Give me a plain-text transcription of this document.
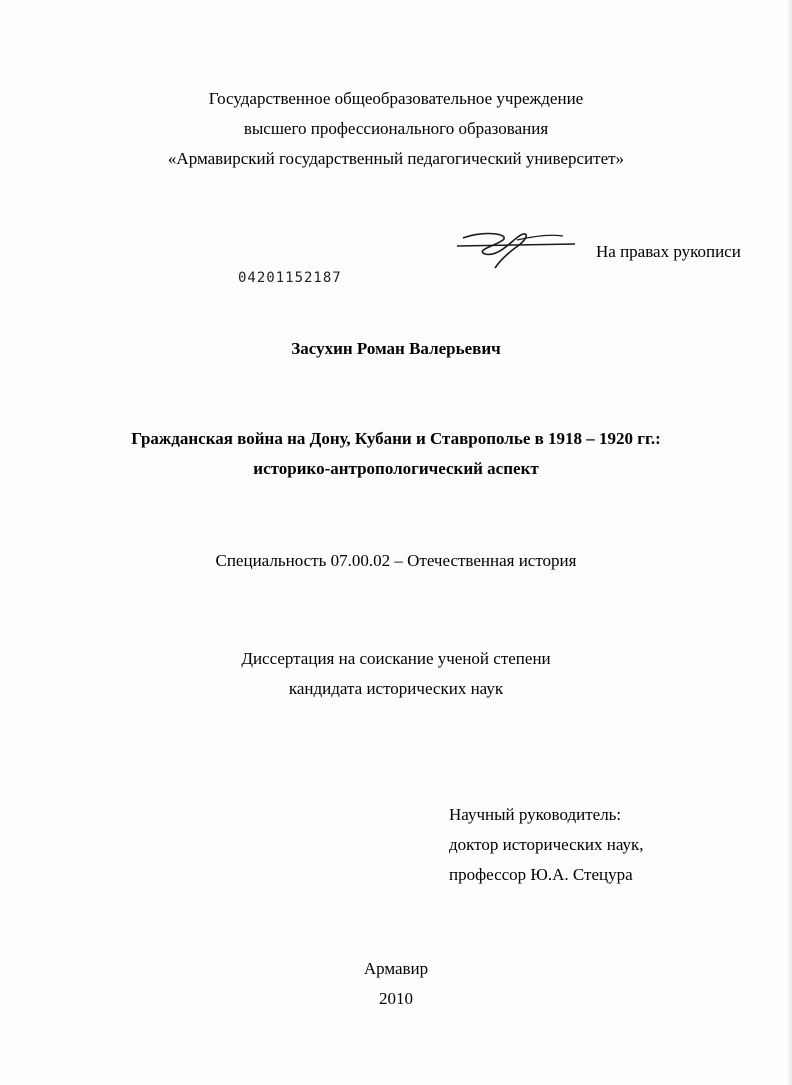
Государственное общеобразовательное учреждение
высшего профессионального образования
«Армавирский государственный педагогический университет»
На правах рукописи
04201152187
Засухин Роман Валерьевич
Гражданская война на Дону, Кубани и Ставрополье в 1918 – 1920 гг.:
историко-антропологический аспект
Специальность 07.00.02 – Отечественная история
Диссертация на соискание ученой степени
кандидата исторических наук
Научный руководитель:
доктор исторических наук,
профессор Ю.А. Стецура
Армавир
2010
